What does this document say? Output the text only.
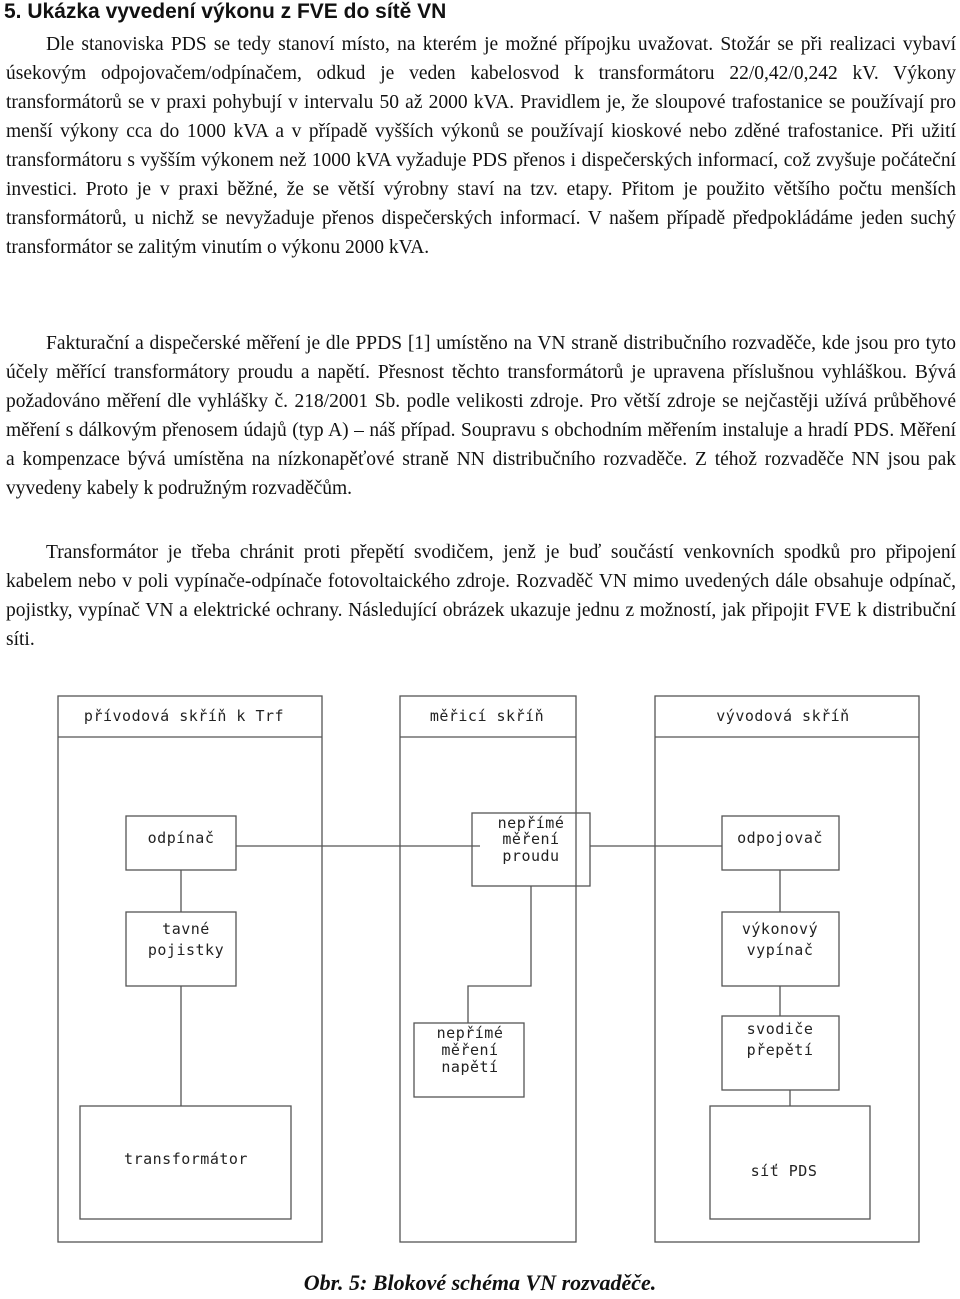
5. Ukázka vyvedení výkonu z FVE do sítě VN

Dle stanoviska PDS se tedy stanoví místo, na kterém je možné přípojku uvažovat. Stožár se při realizaci vybaví úsekovým odpojovačem/odpínačem, odkud je veden kabelosvod k transformátoru 22/0,42/0,242 kV. Výkony transformátorů se v praxi pohybují v intervalu 50 až 2000 kVA. Pravidlem je, že sloupové trafostanice se používají pro menší výkony cca do 1000 kVA a v případě vyšších výkonů se používají kioskové nebo zděné trafostanice. Při užití transformátoru s vyšším výkonem než 1000 kVA vyžaduje PDS přenos i dispečerských informací, což zvyšuje počáteční investici. Proto je v praxi běžné, že se větší výrobny staví na tzv. etapy. Přitom je použito většího počtu menších transformátorů, u nichž se nevyžaduje přenos dispečerských informací. V našem případě předpokládáme jeden suchý transformátor se zalitým vinutím o výkonu 2000 kVA.

Fakturační a dispečerské měření je dle PPDS [1] umístěno na VN straně distribučního rozvaděče, kde jsou pro tyto účely měřící transformátory proudu a napětí. Přesnost těchto transformátorů je upravena příslušnou vyhláškou. Bývá požadováno měření dle vyhlášky č. 218/2001 Sb. podle velikosti zdroje. Pro větší zdroje se nejčastěji užívá průběhové měření s dálkovým přenosem údajů (typ A) – náš případ. Soupravu s obchodním měřením instaluje a hradí PDS. Měření a kompenzace bývá umístěna na nízkonapěťové straně NN distribučního rozvaděče. Z téhož rozvaděče NN jsou pak vyvedeny kabely k podružným rozvaděčům.

Transformátor je třeba chránit proti přepětí svodičem, jenž je buď součástí venkovních spodků pro připojení kabelem nebo v poli vypínače-odpínače fotovoltaického zdroje. Rozvaděč VN mimo uvedených dále obsahuje odpínač, pojistky, vypínač VN a elektrické ochrany. Následující obrázek ukazuje jednu z možností, jak připojit FVE k distribuční síti.

přívodová skříň k Trf	měřicí skříň	vývodová skříň
odpínač
tavné
pojistky
transformátor
nepřímé
měření
proudu
nepřímé
měření
napětí
odpojovač
výkonový
vypínač
svodiče
přepětí
síť PDS

Obr. 5: Blokové schéma VN rozvaděče.
